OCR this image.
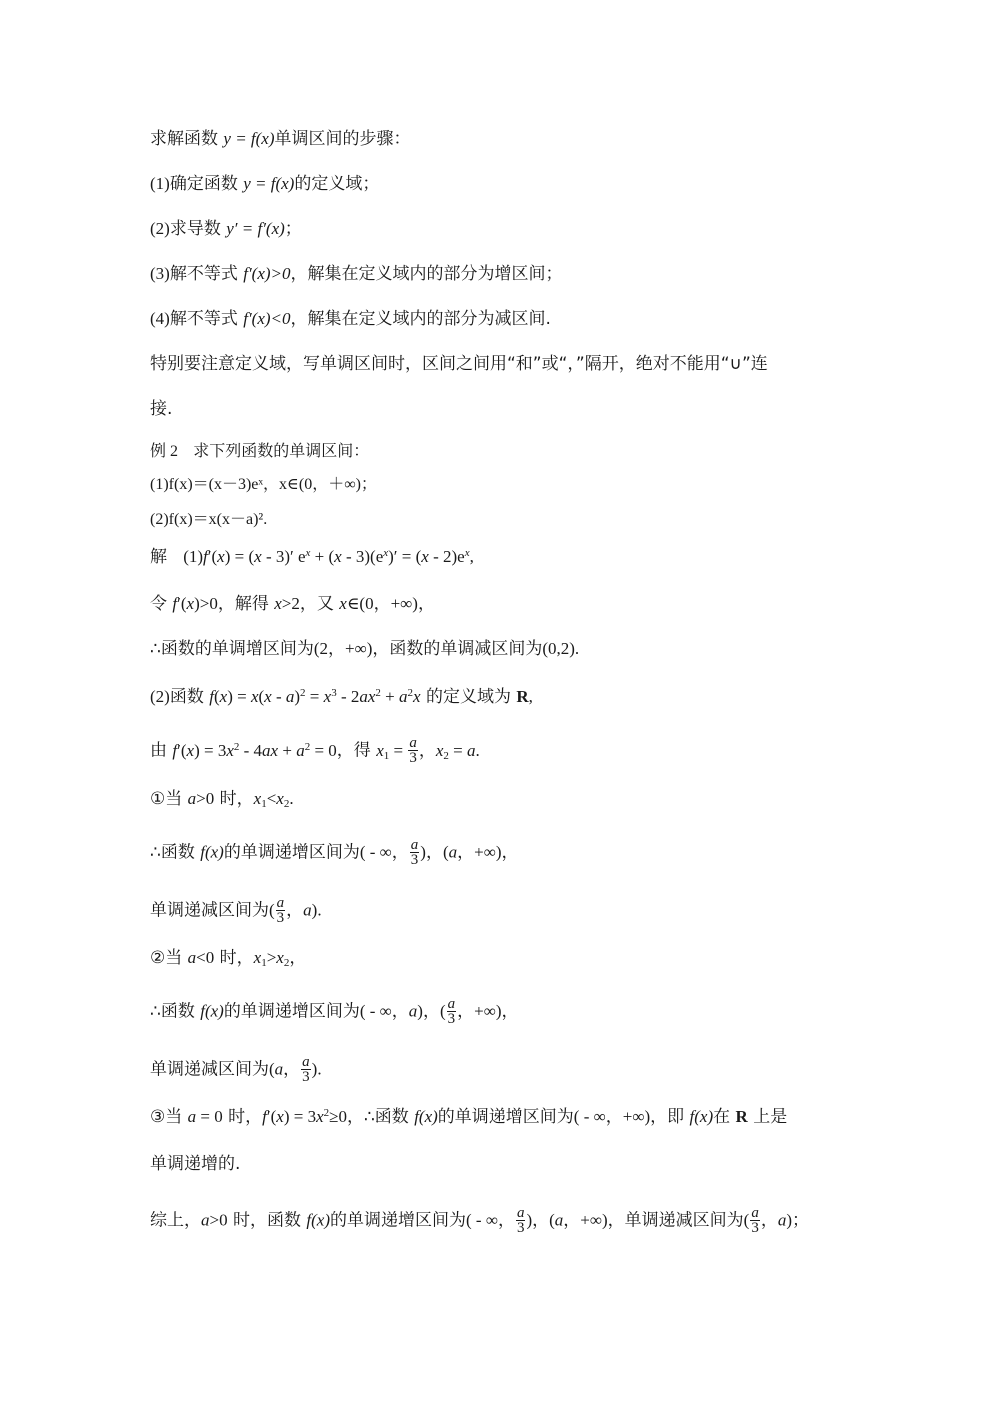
求解函数 y = f(x)单调区间的步骤：
(1)确定函数 y = f(x)的定义域；
(2)求导数 y′ = f′(x)；
(3)解不等式 f′(x)>0，解集在定义域内的部分为增区间；
(4)解不等式 f′(x)<0，解集在定义域内的部分为减区间.
特别要注意定义域，写单调区间时，区间之间用“和”或“，”隔开，绝对不能用“∪”连
接.
例 2 求下列函数的单调区间：
(1)f(x)＝(x－3)eˣ，x∈(0，＋∞)；
(2)f(x)＝x(x－a)².
解 (1)f′(x) = (x - 3)′ $e^x + (x - 3)(e^x)' = (x - 2)e^x$,
令 f′(x)>0，解得 x>2，又 x∈(0，+∞)，
∴函数的单调增区间为(2，+∞)，函数的单调减区间为(0,2).
(2)函数 $f(x) = x(x - a)^2 = x^3 - 2ax^2 + a^2x$ 的定义域为 R,
由 $f'(x) = 3x^2 - 4ax + a^2 = 0$，得 $x_1 = \frac{a}{3}$ ，$x_2 = a$.
①当 a>0 时，$x_1<x_2$.
∴函数 f(x)的单调递增区间为( - ∞， $\frac{a}{3}$ )，(a，+∞)，
单调递减区间为( $\frac{a}{3}$ ，a).
②当 a<0 时，$x_1>x_2$，
∴函数 f(x)的单调递增区间为( - ∞，a)，( $\frac{a}{3}$ ，+∞)，
单调递减区间为(a， $\frac{a}{3}$ ).
③当 a = 0 时，$f'(x) = 3x^2\ge 0$，∴函数 f(x)的单调递增区间为( - ∞，+∞)，即 f(x)在 R 上是
单调递增的.
综上，a>0 时，函数 f(x)的单调递增区间为( - ∞， $\frac{a}{3}$ )，(a，+∞)，单调递减区间为( $\frac{a}{3}$ ，a)；
